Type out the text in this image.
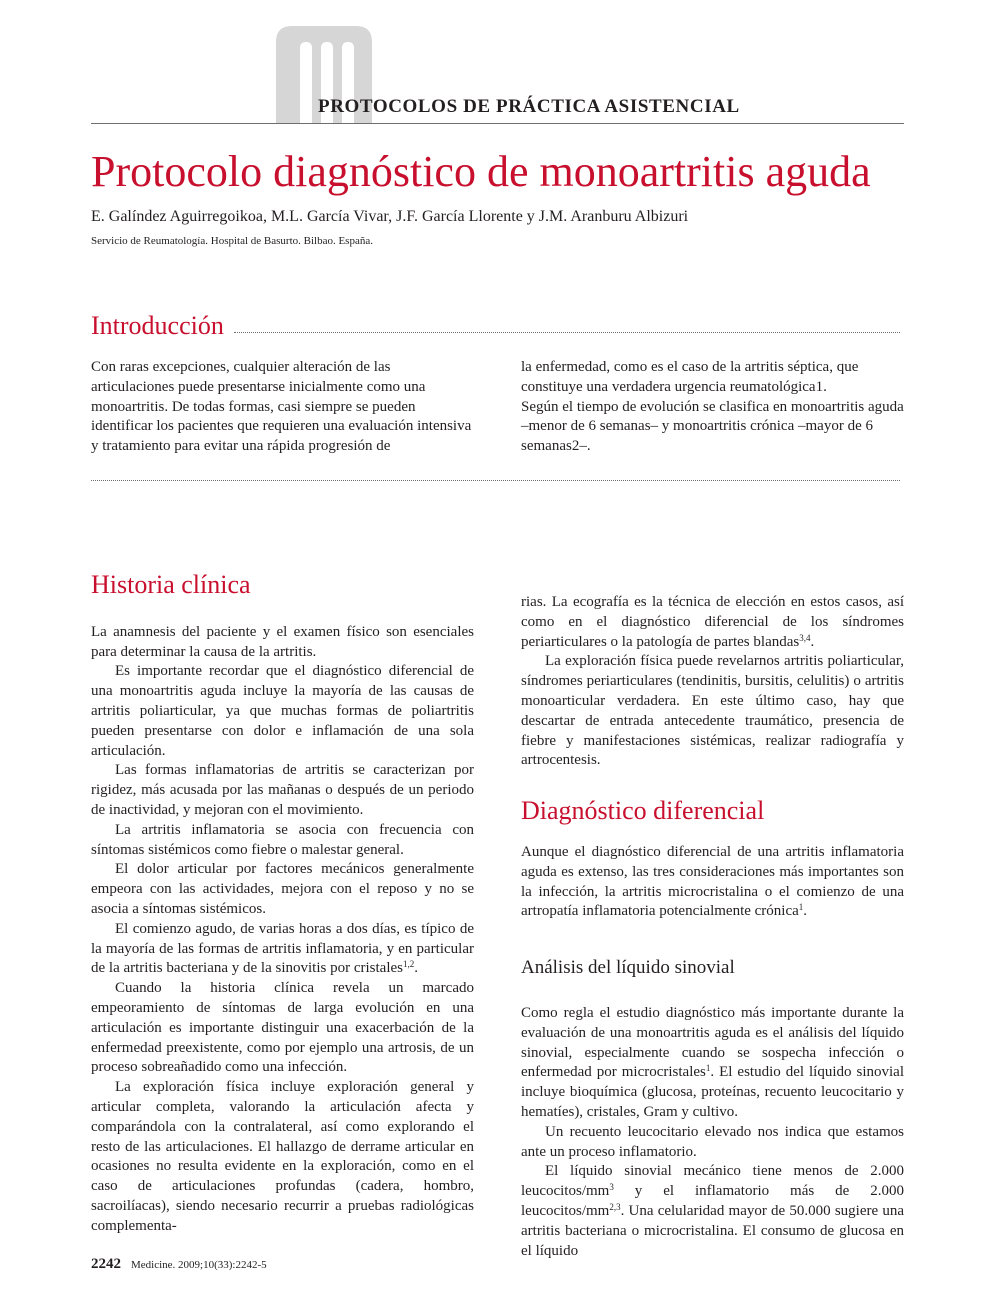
PROTOCOLOS DE PRÁCTICA ASISTENCIAL
Protocolo diagnóstico de monoartritis aguda
E. Galíndez Aguirregoikoa, M.L. García Vivar, J.F. García Llorente y J.M. Aranburu Albizuri
Servicio de Reumatología. Hospital de Basurto. Bilbao. España.
Introducción

Con raras excepciones, cualquier alteración de las articulaciones puede presentarse inicialmente como una monoartritis. De todas formas, casi siempre se pueden identificar los pacientes que requieren una evaluación intensiva y tratamiento para evitar una rápida progresión de

la enfermedad, como es el caso de la artritis séptica, que constituye una verdadera urgencia reumatológica1.
Según el tiempo de evolución se clasifica en monoartritis aguda –menor de 6 semanas– y monoartritis crónica –mayor de 6 semanas2–.
Historia clínica

La anamnesis del paciente y el examen físico son esenciales para determinar la causa de la artritis.

Es importante recordar que el diagnóstico diferencial de una monoartritis aguda incluye la mayoría de las causas de artritis poliarticular, ya que muchas formas de poliartritis pueden presentarse con dolor e inflamación de una sola articulación.

Las formas inflamatorias de artritis se caracterizan por rigidez, más acusada por las mañanas o después de un periodo de inactividad, y mejoran con el movimiento.

La artritis inflamatoria se asocia con frecuencia con síntomas sistémicos como fiebre o malestar general.

El dolor articular por factores mecánicos generalmente empeora con las actividades, mejora con el reposo y no se asocia a síntomas sistémicos.

El comienzo agudo, de varias horas a dos días, es típico de la mayoría de las formas de artritis inflamatoria, y en particular de la artritis bacteriana y de la sinovitis por cristales$^{1,2}$.

Cuando la historia clínica revela un marcado empeoramiento de síntomas de larga evolución en una articulación es importante distinguir una exacerbación de la enfermedad preexistente, como por ejemplo una artrosis, de un proceso sobreañadido como una infección.

La exploración física incluye exploración general y articular completa, valorando la articulación afecta y comparándola con la contralateral, así como explorando el resto de las articulaciones. El hallazgo de derrame articular en ocasiones no resulta evidente en la exploración, como en el caso de articulaciones profundas (cadera, hombro, sacroilíacas), siendo necesario recurrir a pruebas radiológicas complementa-

rias. La ecografía es la técnica de elección en estos casos, así como en el diagnóstico diferencial de los síndromes periarticulares o la patología de partes blandas$^{3,4}$.

La exploración física puede revelarnos artritis poliarticular, síndromes periarticulares (tendinitis, bursitis, celulitis) o artritis monoarticular verdadera. En este último caso, hay que descartar de entrada antecedente traumático, presencia de fiebre y manifestaciones sistémicas, realizar radiografía y artrocentesis.

Diagnóstico diferencial

Aunque el diagnóstico diferencial de una artritis inflamatoria aguda es extenso, las tres consideraciones más importantes son la infección, la artritis microcristalina o el comienzo de una artropatía inflamatoria potencialmente crónica$^1$.

Análisis del líquido sinovial

Como regla el estudio diagnóstico más importante durante la evaluación de una monoartritis aguda es el análisis del líquido sinovial, especialmente cuando se sospecha infección o enfermedad por microcristales$^1$. El estudio del líquido sinovial incluye bioquímica (glucosa, proteínas, recuento leucocitario y hematíes), cristales, Gram y cultivo.

Un recuento leucocitario elevado nos indica que estamos ante un proceso inflamatorio.

El líquido sinovial mecánico tiene menos de 2.000 leucocitos/$mm^3$ y el inflamatorio más de 2.000 leucocitos/mm$^{2,3}$. Una celularidad mayor de 50.000 sugiere una artritis bacteriana o microcristalina. El consumo de glucosa en el líquido

2242 Medicine. 2009;10(33):2242-5
